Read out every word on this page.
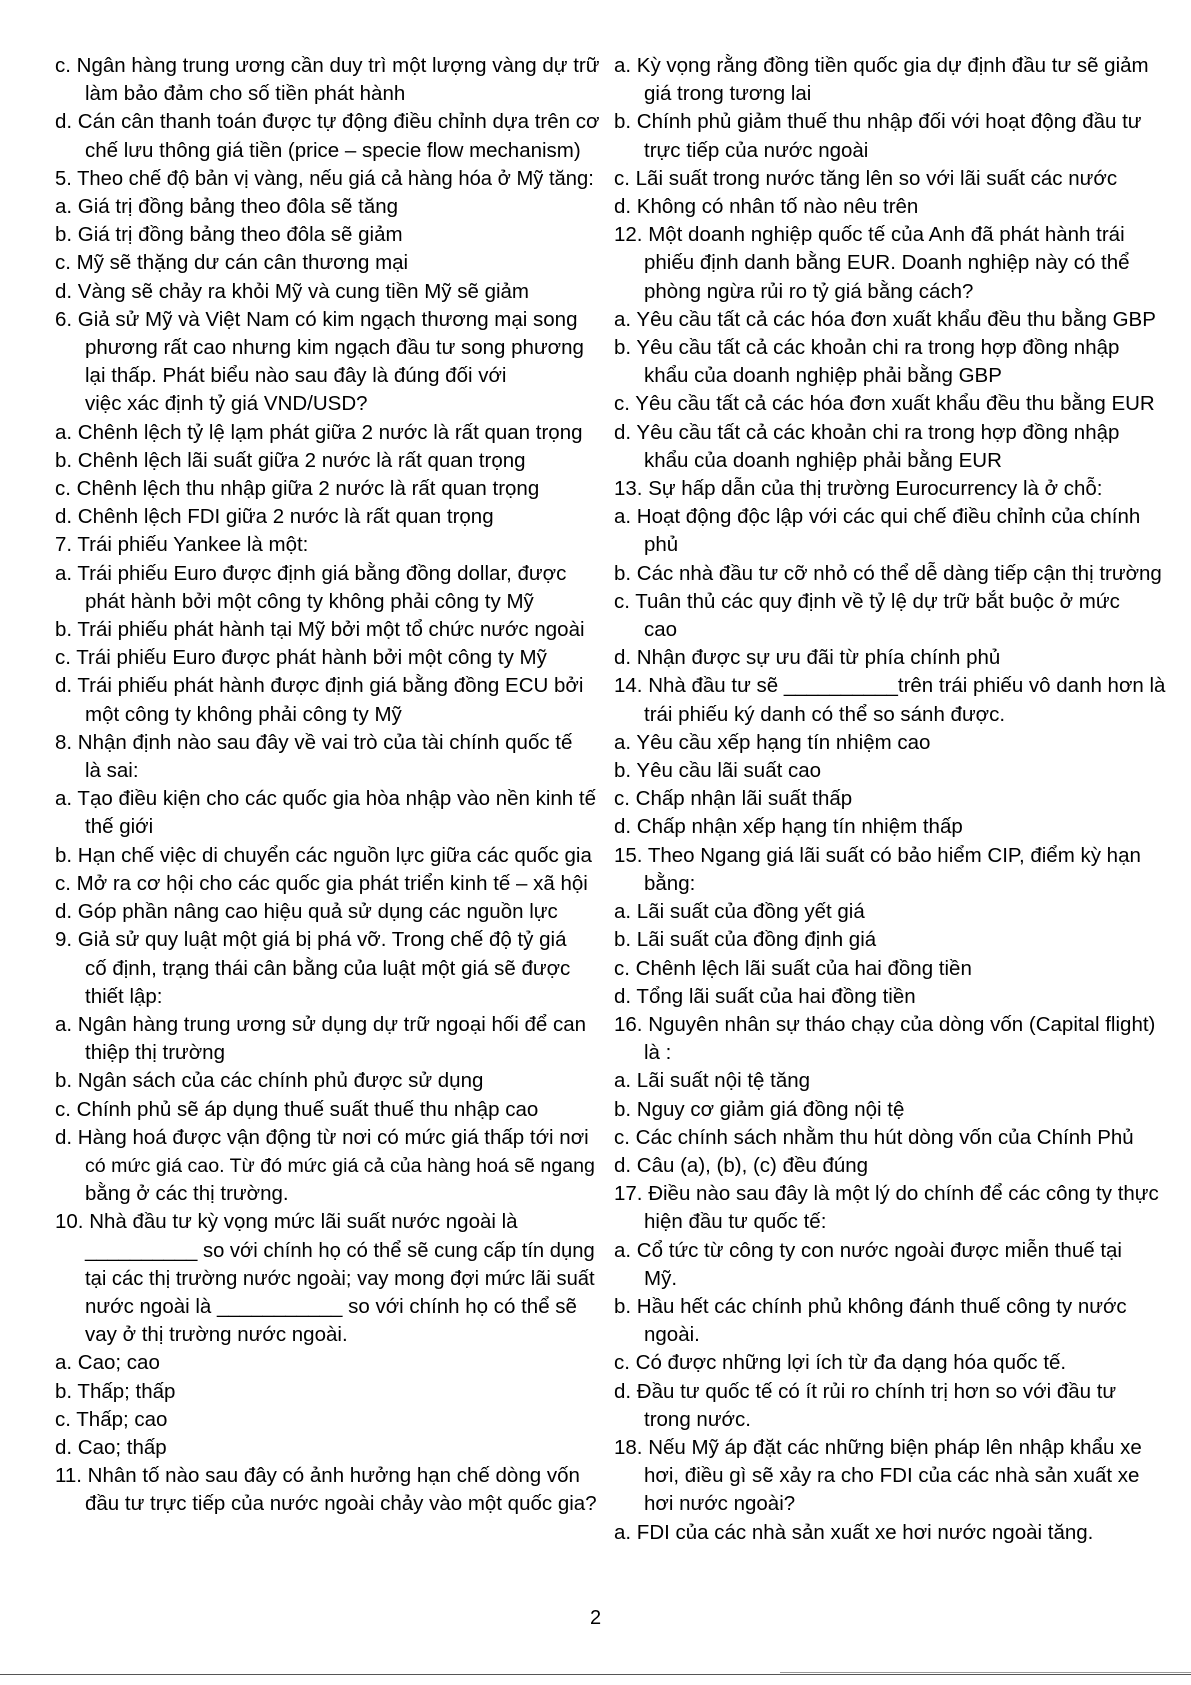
c. Ngân hàng trung ương cần duy trì một lượng vàng dự trữ
làm bảo đảm cho số tiền phát hành
d. Cán cân thanh toán được tự động điều chỉnh dựa trên cơ
chế lưu thông giá tiền (price – specie flow mechanism)
5. Theo chế độ bản vị vàng, nếu giá cả hàng hóa ở Mỹ tăng:
a. Giá trị đồng bảng theo đôla sẽ tăng
b. Giá trị đồng bảng theo đôla sẽ giảm
c. Mỹ sẽ thặng dư cán cân thương mại
d. Vàng sẽ chảy ra khỏi Mỹ và cung tiền Mỹ sẽ giảm
6. Giả sử Mỹ và Việt Nam có kim ngạch thương mại song
phương rất cao nhưng kim ngạch đầu tư song phương
lại thấp. Phát biểu nào sau đây là đúng đối với
việc xác định tỷ giá VND/USD?
a. Chênh lệch tỷ lệ lạm phát giữa 2 nước là rất quan trọng
b. Chênh lệch lãi suất giữa 2 nước là rất quan trọng
c. Chênh lệch thu nhập giữa 2 nước là rất quan trọng
d. Chênh lệch FDI giữa 2 nước là rất quan trọng
7. Trái phiếu Yankee là một:
a. Trái phiếu Euro được định giá bằng đồng dollar, được
phát hành bởi một công ty không phải công ty Mỹ
b. Trái phiếu phát hành tại Mỹ bởi một tổ chức nước ngoài
c. Trái phiếu Euro được phát hành bởi một công ty Mỹ
d. Trái phiếu phát hành được định giá bằng đồng ECU bởi
một công ty không phải công ty Mỹ
8. Nhận định nào sau đây về vai trò của tài chính quốc tế
là sai:
a. Tạo điều kiện cho các quốc gia hòa nhập vào nền kinh tế
thế giới
b. Hạn chế việc di chuyển các nguồn lực giữa các quốc gia
c. Mở ra cơ hội cho các quốc gia phát triển kinh tế – xã hội
d. Góp phần nâng cao hiệu quả sử dụng các nguồn lực
9. Giả sử quy luật một giá bị phá vỡ. Trong chế độ tỷ giá
cố định, trạng thái cân bằng của luật một giá sẽ được
thiết lập:
a. Ngân hàng trung ương sử dụng dự trữ ngoại hối để can
thiệp thị trường
b. Ngân sách của các chính phủ được sử dụng
c. Chính phủ sẽ áp dụng thuế suất thuế thu nhập cao
d. Hàng hoá được vận động từ nơi có mức giá thấp tới nơi
có mức giá cao. Từ đó mức giá cả của hàng hoá sẽ ngang
bằng ở các thị trường.
10. Nhà đầu tư kỳ vọng mức lãi suất nước ngoài là
__________ so với chính họ có thể sẽ cung cấp tín dụng
tại các thị trường nước ngoài; vay mong đợi mức lãi suất
nước ngoài là ___________ so với chính họ có thể sẽ
vay ở thị trường nước ngoài.
a. Cao; cao
b. Thấp; thấp
c. Thấp; cao
d. Cao; thấp
11. Nhân tố nào sau đây có ảnh hưởng hạn chế dòng vốn
đầu tư trực tiếp của nước ngoài chảy vào một quốc gia?
a. Kỳ vọng rằng đồng tiền quốc gia dự định đầu tư sẽ giảm
giá trong tương lai
b. Chính phủ giảm thuế thu nhập đối với hoạt động đầu tư
trực tiếp của nước ngoài
c. Lãi suất trong nước tăng lên so với lãi suất các nước
d. Không có nhân tố nào nêu trên
12. Một doanh nghiệp quốc tế của Anh đã phát hành trái
phiếu định danh bằng EUR. Doanh nghiệp này có thể
phòng ngừa rủi ro tỷ giá bằng cách?
a. Yêu cầu tất cả các hóa đơn xuất khẩu đều thu bằng GBP
b. Yêu cầu tất cả các khoản chi ra trong hợp đồng nhập
khẩu của doanh nghiệp phải bằng GBP
c. Yêu cầu tất cả các hóa đơn xuất khẩu đều thu bằng EUR
d. Yêu cầu tất cả các khoản chi ra trong hợp đồng nhập
khẩu của doanh nghiệp phải bằng EUR
13. Sự hấp dẫn của thị trường Eurocurrency là ở chỗ:
a. Hoạt động độc lập với các qui chế điều chỉnh của chính
phủ
b. Các nhà đầu tư cỡ nhỏ có thể dễ dàng tiếp cận thị trường
c. Tuân thủ các quy định về tỷ lệ dự trữ bắt buộc ở mức
cao
d. Nhận được sự ưu đãi từ phía chính phủ
14. Nhà đầu tư sẽ __________trên trái phiếu vô danh hơn là
trái phiếu ký danh có thể so sánh được.
a. Yêu cầu xếp hạng tín nhiệm cao
b. Yêu cầu lãi suất cao
c. Chấp nhận lãi suất thấp
d. Chấp nhận xếp hạng tín nhiệm thấp
15. Theo Ngang giá lãi suất có bảo hiểm CIP, điểm kỳ hạn
bằng:
a. Lãi suất của đồng yết giá
b. Lãi suất của đồng định giá
c. Chênh lệch lãi suất của hai đồng tiền
d. Tổng lãi suất của hai đồng tiền
16. Nguyên nhân sự tháo chạy của dòng vốn (Capital flight)
là :
a. Lãi suất nội tệ tăng
b. Nguy cơ giảm giá đồng nội tệ
c. Các chính sách nhằm thu hút dòng vốn của Chính Phủ
d. Câu (a), (b), (c) đều đúng
17. Điều nào sau đây là một lý do chính để các công ty thực
hiện đầu tư quốc tế:
a. Cổ tức từ công ty con nước ngoài được miễn thuế tại
Mỹ.
b. Hầu hết các chính phủ không đánh thuế công ty nước
ngoài.
c. Có được những lợi ích từ đa dạng hóa quốc tế.
d. Đầu tư quốc tế có ít rủi ro chính trị hơn so với đầu tư
trong nước.
18. Nếu Mỹ áp đặt các những biện pháp lên nhập khẩu xe
hơi, điều gì sẽ xảy ra cho FDI của các nhà sản xuất xe
hơi nước ngoài?
a. FDI của các nhà sản xuất xe hơi nước ngoài tăng.
2
